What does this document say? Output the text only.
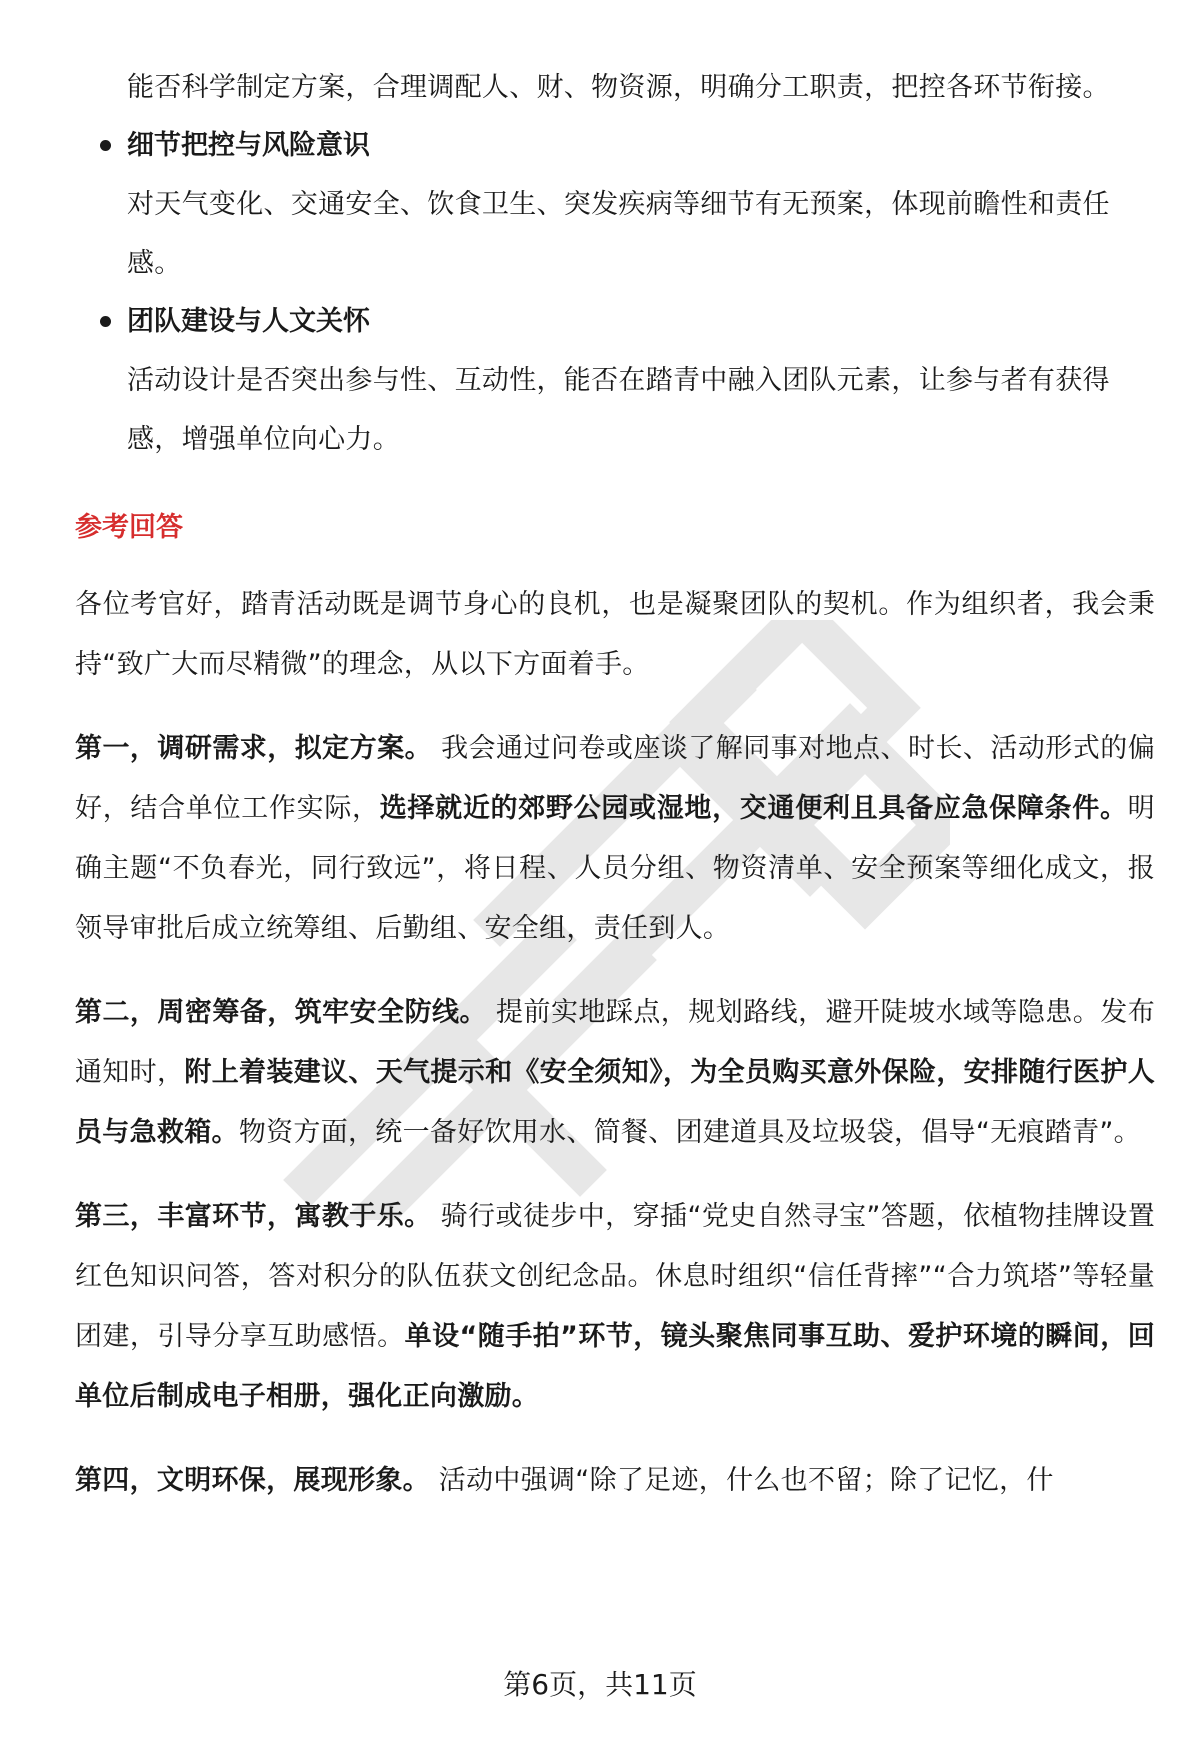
能否科学制定方案，合理调配人、财、物资源，明确分工职责，把控各环节衔接。

细节把控与风险意识

对天气变化、交通安全、饮食卫生、突发疾病等细节有无预案，体现前瞻性和责任感。

团队建设与人文关怀

活动设计是否突出参与性、互动性，能否在踏青中融入团队元素，让参与者有获得感，增强单位向心力。

参考回答

各位考官好，踏青活动既是调节身心的良机，也是凝聚团队的契机。作为组织者，我会秉持“致广大而尽精微”的理念，从以下方面着手。

第一，调研需求，拟定方案。 我会通过问卷或座谈了解同事对地点、时长、活动形式的偏好，结合单位工作实际，选择就近的郊野公园或湿地，交通便利且具备应急保障条件。明确主题“不负春光，同行致远”，将日程、人员分组、物资清单、安全预案等细化成文，报领导审批后成立统筹组、后勤组、安全组，责任到人。

第二，周密筹备，筑牢安全防线。 提前实地踩点，规划路线，避开陡坡水域等隐患。发布通知时，附上着装建议、天气提示和《安全须知》，为全员购买意外保险，安排随行医护人员与急救箱。物资方面，统一备好饮用水、简餐、团建道具及垃圾袋，倡导“无痕踏青”。

第三，丰富环节，寓教于乐。 骑行或徒步中，穿插“党史自然寻宝”答题，依植物挂牌设置红色知识问答，答对积分的队伍获文创纪念品。休息时组织“信任背摔”“合力筑塔”等轻量团建，引导分享互助感悟。单设“随手拍”环节，镜头聚焦同事互助、爱护环境的瞬间，回单位后制成电子相册，强化正向激励。

第四，文明环保，展现形象。 活动中强调“除了足迹，什么也不留；除了记忆，什

第6页，共11页
